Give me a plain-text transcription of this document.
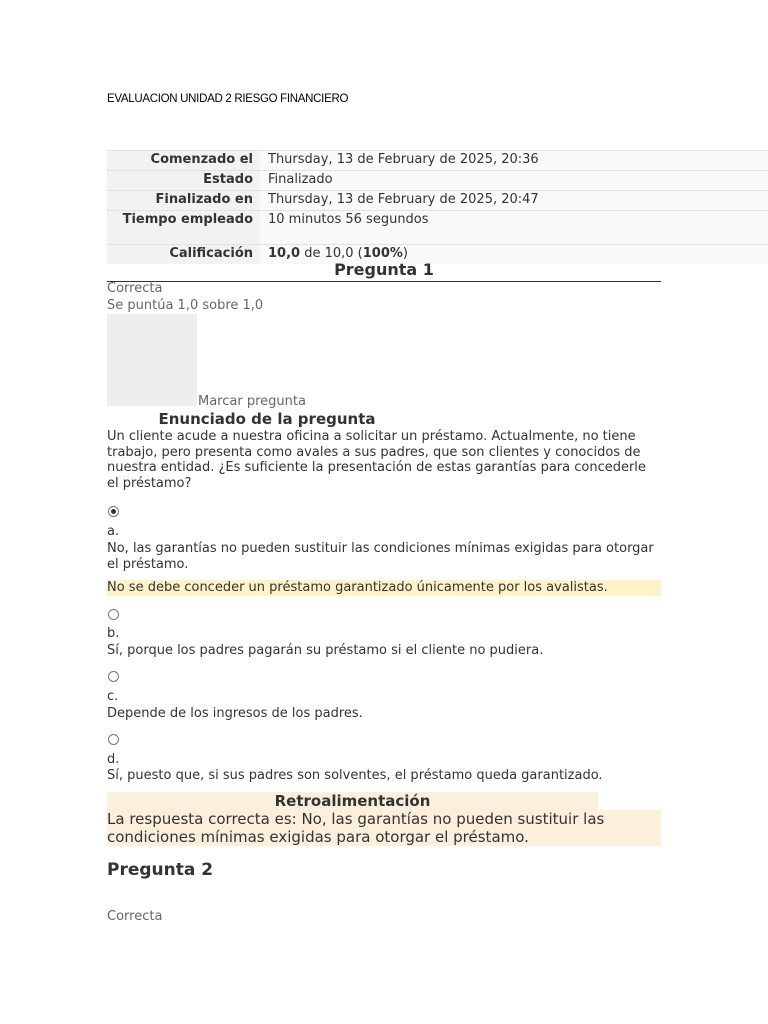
EVALUACION UNIDAD 2 RIESGO FINANCIERO
Comenzado el	Thursday, 13 de February de 2025, 20:36
Estado	Finalizado
Finalizado en	Thursday, 13 de February de 2025, 20:47
Tiempo empleado	10 minutos 56 segundos
Calificación	10,0 de 10,0 (100%)
Pregunta 1
Correcta
Se puntúa 1,0 sobre 1,0
Marcar pregunta
Enunciado de la pregunta
Un cliente acude a nuestra oficina a solicitar un préstamo. Actualmente, no tiene trabajo, pero presenta como avales a sus padres, que son clientes y conocidos de nuestra entidad. ¿Es suficiente la presentación de estas garantías para concederle el préstamo?
a.
No, las garantías no pueden sustituir las condiciones mínimas exigidas para otorgar el préstamo.
No se debe conceder un préstamo garantizado únicamente por los avalistas.
b.
Sí, porque los padres pagarán su préstamo si el cliente no pudiera.
c.
Depende de los ingresos de los padres.
d.
Sí, puesto que, si sus padres son solventes, el préstamo queda garantizado.
Retroalimentación
La respuesta correcta es: No, las garantías no pueden sustituir las condiciones mínimas exigidas para otorgar el préstamo.
Pregunta 2
Correcta
